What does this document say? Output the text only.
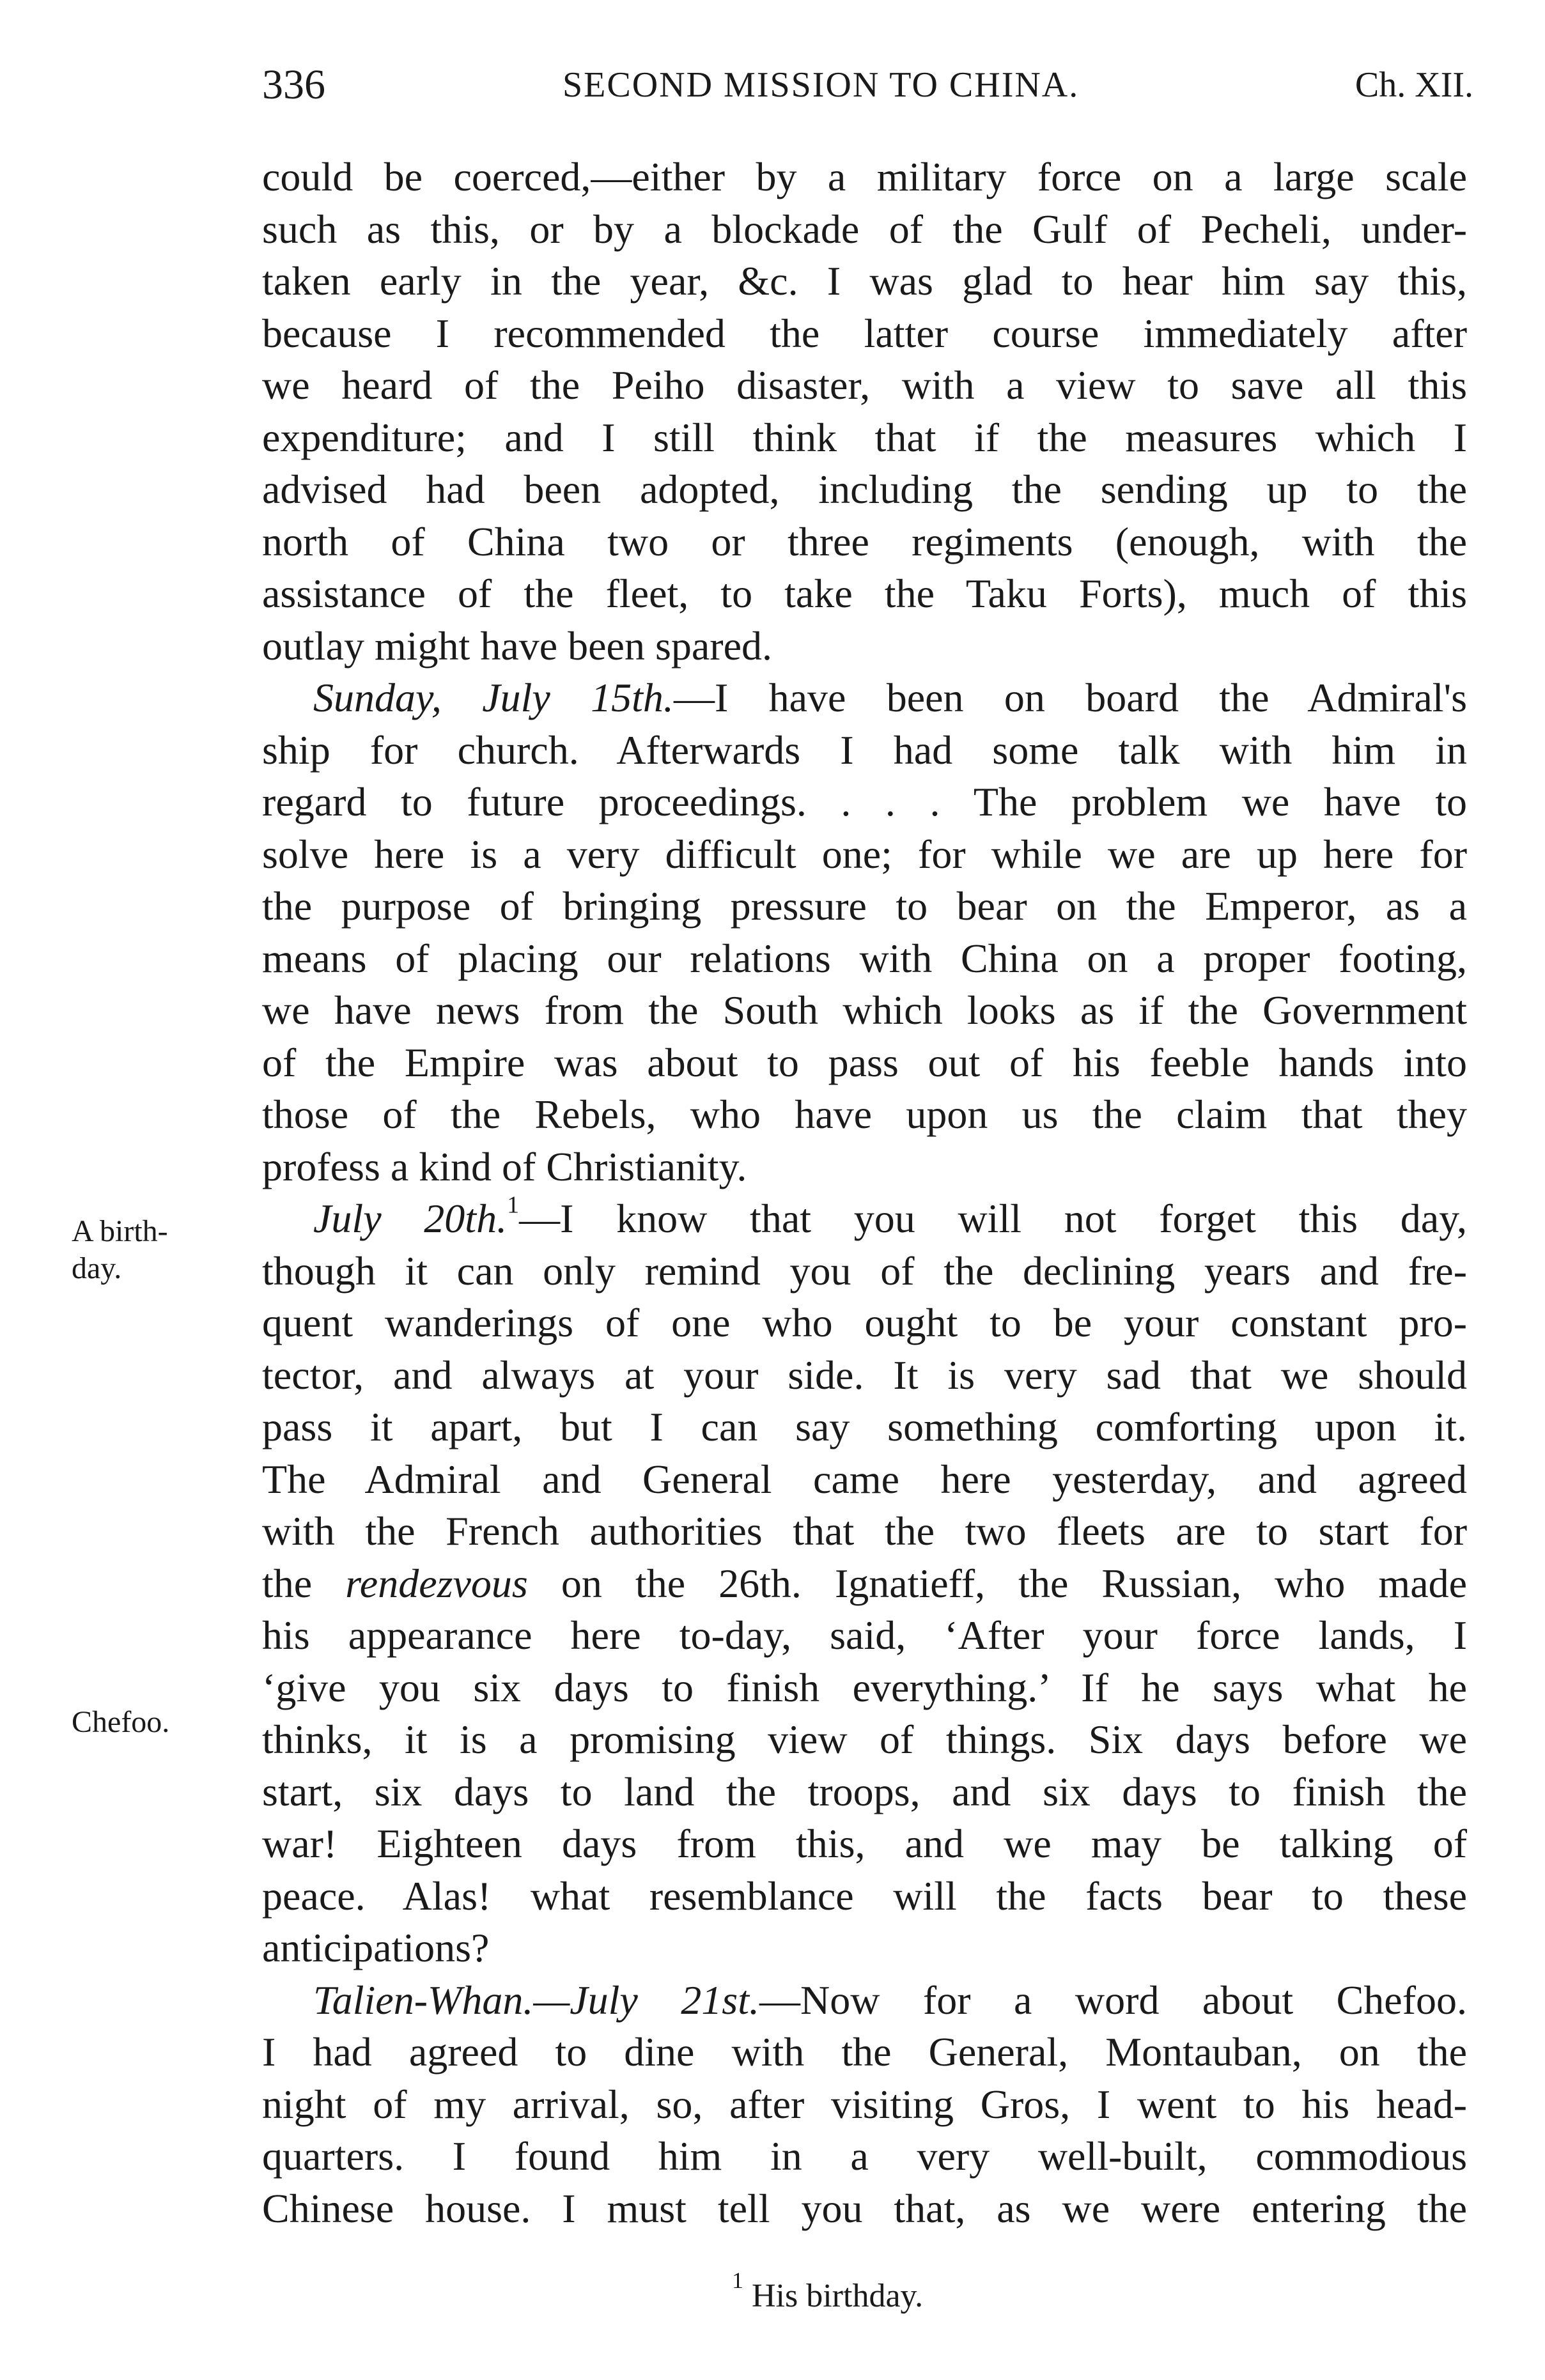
336	SECOND MISSION TO CHINA.	Ch. XII.
A birth-
day.
Chefoo.
could be coerced,—either by a military force on a large scale
such as this, or by a blockade of the Gulf of Pecheli, under-
taken early in the year, &c. I was glad to hear him say this,
because I recommended the latter course immediately after
we heard of the Peiho disaster, with a view to save all this
expenditure; and I still think that if the measures which I
advised had been adopted, including the sending up to the
north of China two or three regiments (enough, with the
assistance of the fleet, to take the Taku Forts), much of this
outlay might have been spared.
Sunday, July 15th.—I have been on board the Admiral's
ship for church. Afterwards I had some talk with him in
regard to future proceedings. . . . The problem we have to
solve here is a very difficult one; for while we are up here for
the purpose of bringing pressure to bear on the Emperor, as a
means of placing our relations with China on a proper footing,
we have news from the South which looks as if the Government
of the Empire was about to pass out of his feeble hands into
those of the Rebels, who have upon us the claim that they
profess a kind of Christianity.
July 20th.$^1$—I know that you will not forget this day,
though it can only remind you of the declining years and fre-
quent wanderings of one who ought to be your constant pro-
tector, and always at your side. It is very sad that we should
pass it apart, but I can say something comforting upon it.
The Admiral and General came here yesterday, and agreed
with the French authorities that the two fleets are to start for
the rendezvous on the 26th. Ignatieff, the Russian, who made
his appearance here to-day, said, ‘After your force lands, I
‘give you six days to finish everything.’ If he says what he
thinks, it is a promising view of things. Six days before we
start, six days to land the troops, and six days to finish the
war! Eighteen days from this, and we may be talking of
peace. Alas! what resemblance will the facts bear to these
anticipations?
Talien-Whan.—July 21st.—Now for a word about Chefoo.
I had agreed to dine with the General, Montauban, on the
night of my arrival, so, after visiting Gros, I went to his head-
quarters. I found him in a very well-built, commodious
Chinese house. I must tell you that, as we were entering the
$^1$ His birthday.
